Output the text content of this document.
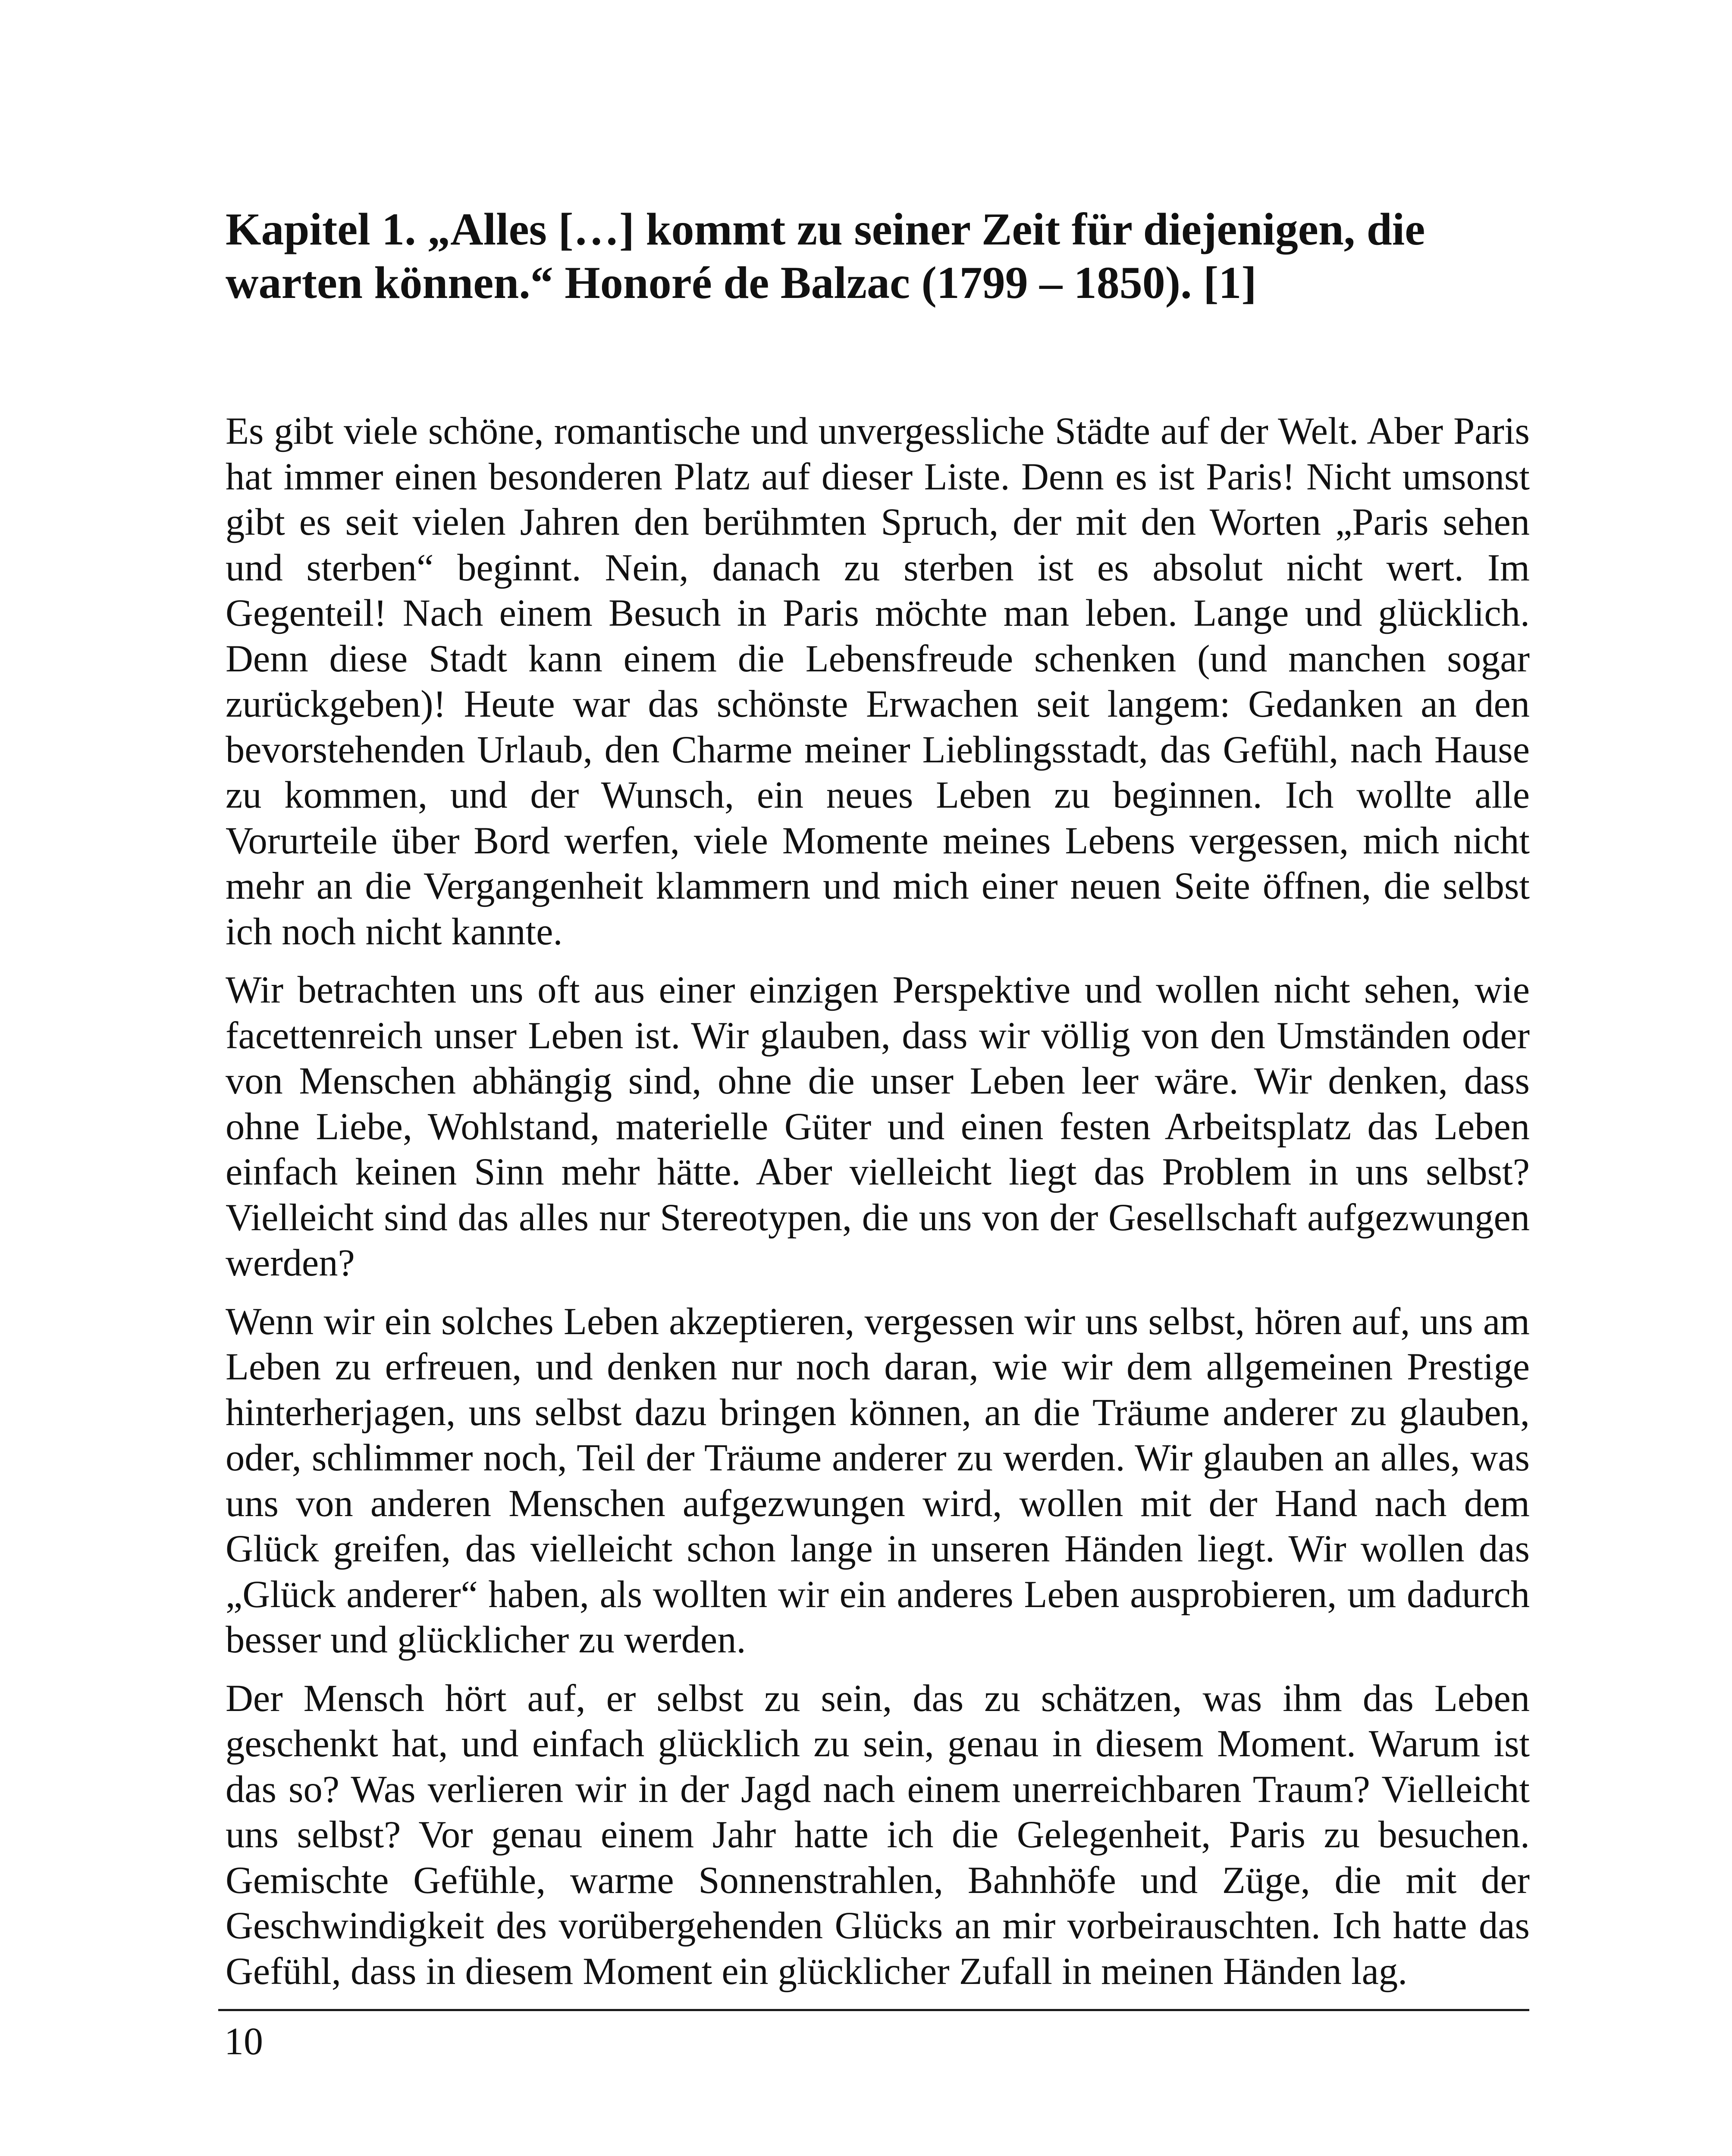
Kapitel 1. „Alles […] kommt zu seiner Zeit für diejenigen, die
warten können.“ Honoré de Balzac (1799 – 1850). [1]

Es gibt viele schöne, romantische und unvergessliche Städte auf der Welt. Aber Paris hat immer einen besonderen Platz auf dieser Liste. Denn es ist Paris! Nicht umsonst gibt es seit vielen Jahren den berühmten Spruch, der mit den Worten „Paris sehen und sterben“ beginnt. Nein, danach zu sterben ist es absolut nicht wert. Im Gegenteil! Nach einem Besuch in Paris möchte man leben. Lange und glücklich. Denn diese Stadt kann einem die Lebensfreude schenken (und manchen sogar zurückgeben)! Heute war das schönste Erwachen seit langem: Gedanken an den bevorstehenden Urlaub, den Charme meiner Lieblingsstadt, das Gefühl, nach Hause zu kommen, und der Wunsch, ein neues Leben zu beginnen. Ich wollte alle Vorurteile über Bord werfen, viele Momente meines Lebens vergessen, mich nicht mehr an die Vergangenheit klammern und mich einer neuen Seite öffnen, die selbst ich noch nicht kannte.

Wir betrachten uns oft aus einer einzigen Perspektive und wollen nicht sehen, wie facettenreich unser Leben ist. Wir glauben, dass wir völlig von den Umständen oder von Menschen abhängig sind, ohne die unser Leben leer wäre. Wir denken, dass ohne Liebe, Wohlstand, materielle Güter und einen festen Arbeitsplatz das Leben einfach keinen Sinn mehr hätte. Aber vielleicht liegt das Problem in uns selbst? Vielleicht sind das alles nur Stereotypen, die uns von der Gesellschaft aufgezwungen werden?

Wenn wir ein solches Leben akzeptieren, vergessen wir uns selbst, hören auf, uns am Leben zu erfreuen, und denken nur noch daran, wie wir dem allgemeinen Prestige hinterherjagen, uns selbst dazu bringen können, an die Träume anderer zu glauben, oder, schlimmer noch, Teil der Träume anderer zu werden. Wir glauben an alles, was uns von anderen Menschen aufgezwungen wird, wollen mit der Hand nach dem Glück greifen, das vielleicht schon lange in unseren Händen liegt. Wir wollen das „Glück anderer“ haben, als wollten wir ein anderes Leben ausprobieren, um dadurch besser und glücklicher zu werden.

Der Mensch hört auf, er selbst zu sein, das zu schätzen, was ihm das Leben geschenkt hat, und einfach glücklich zu sein, genau in diesem Moment. Warum ist das so? Was verlieren wir in der Jagd nach einem unerreichbaren Traum? Vielleicht uns selbst? Vor genau einem Jahr hatte ich die Gelegenheit, Paris zu besuchen. Gemischte Gefühle, warme Sonnenstrahlen, Bahnhöfe und Züge, die mit der Geschwindigkeit des vorübergehenden Glücks an mir vorbeirauschten. Ich hatte das Gefühl, dass in diesem Moment ein glücklicher Zufall in meinen Händen lag.

10
